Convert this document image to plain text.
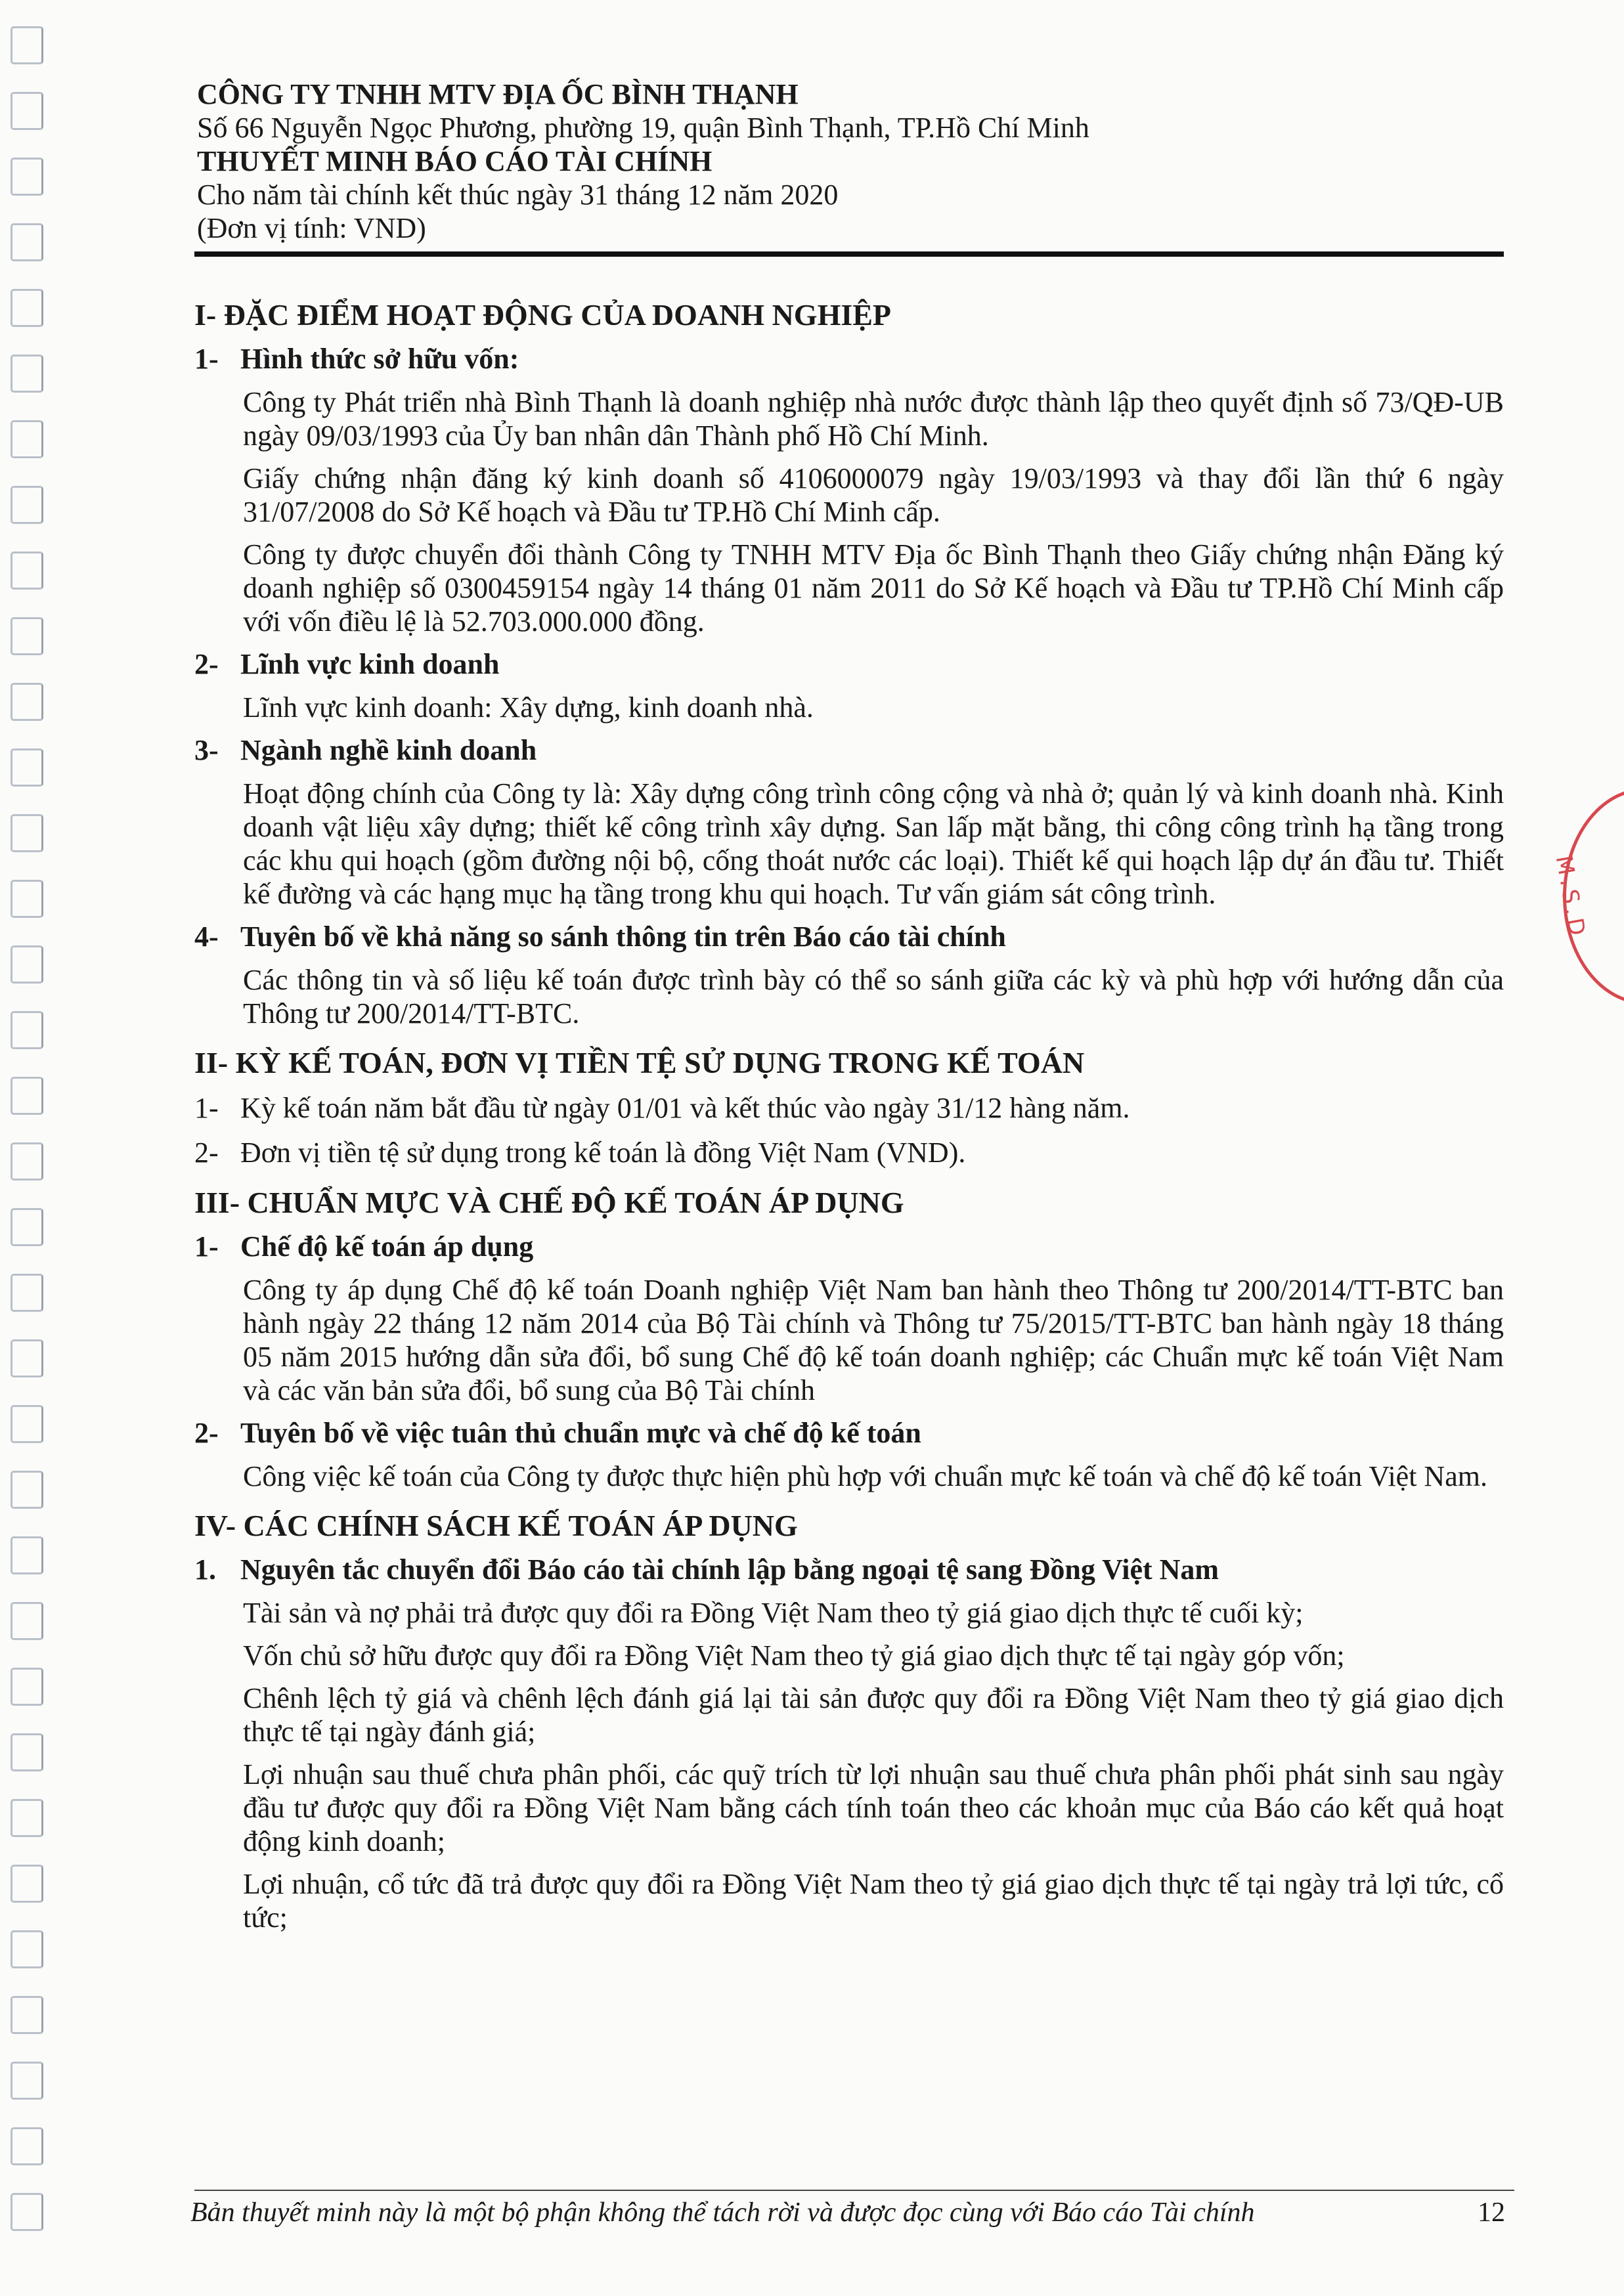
M.S.D
CÔNG TY TNHH MTV ĐỊA ỐC BÌNH THẠNH
Số 66 Nguyễn Ngọc Phương, phường 19, quận Bình Thạnh, TP.Hồ Chí Minh
THUYẾT MINH BÁO CÁO TÀI CHÍNH
Cho năm tài chính kết thúc ngày 31 tháng 12 năm 2020
(Đơn vị tính: VND)
I- ĐẶC ĐIỂM HOẠT ĐỘNG CỦA DOANH NGHIỆP
1- Hình thức sở hữu vốn:
Công ty Phát triển nhà Bình Thạnh là doanh nghiệp nhà nước được thành lập theo quyết định số 73/QĐ-UB ngày 09/03/1993 của Ủy ban nhân dân Thành phố Hồ Chí Minh.
Giấy chứng nhận đăng ký kinh doanh số 4106000079 ngày 19/03/1993 và thay đổi lần thứ 6 ngày 31/07/2008 do Sở Kế hoạch và Đầu tư TP.Hồ Chí Minh cấp.
Công ty được chuyển đổi thành Công ty TNHH MTV Địa ốc Bình Thạnh theo Giấy chứng nhận Đăng ký doanh nghiệp số 0300459154 ngày 14 tháng 01 năm 2011 do Sở Kế hoạch và Đầu tư TP.Hồ Chí Minh cấp với vốn điều lệ là 52.703.000.000 đồng.
2- Lĩnh vực kinh doanh
Lĩnh vực kinh doanh: Xây dựng, kinh doanh nhà.
3- Ngành nghề kinh doanh
Hoạt động chính của Công ty là: Xây dựng công trình công cộng và nhà ở; quản lý và kinh doanh nhà. Kinh doanh vật liệu xây dựng; thiết kế công trình xây dựng. San lấp mặt bằng, thi công công trình hạ tầng trong các khu qui hoạch (gồm đường nội bộ, cống thoát nước các loại). Thiết kế qui hoạch lập dự án đầu tư. Thiết kế đường và các hạng mục hạ tầng trong khu qui hoạch. Tư vấn giám sát công trình.
4- Tuyên bố về khả năng so sánh thông tin trên Báo cáo tài chính
Các thông tin và số liệu kế toán được trình bày có thể so sánh giữa các kỳ và phù hợp với hướng dẫn của Thông tư 200/2014/TT-BTC.
II- KỲ KẾ TOÁN, ĐƠN VỊ TIỀN TỆ SỬ DỤNG TRONG KẾ TOÁN
1- Kỳ kế toán năm bắt đầu từ ngày 01/01 và kết thúc vào ngày 31/12 hàng năm.
2- Đơn vị tiền tệ sử dụng trong kế toán là đồng Việt Nam (VND).
III- CHUẨN MỰC VÀ CHẾ ĐỘ KẾ TOÁN ÁP DỤNG
1- Chế độ kế toán áp dụng
Công ty áp dụng Chế độ kế toán Doanh nghiệp Việt Nam ban hành theo Thông tư 200/2014/TT-BTC ban hành ngày 22 tháng 12 năm 2014 của Bộ Tài chính và Thông tư 75/2015/TT-BTC ban hành ngày 18 tháng 05 năm 2015 hướng dẫn sửa đổi, bổ sung Chế độ kế toán doanh nghiệp; các Chuẩn mực kế toán Việt Nam và các văn bản sửa đổi, bổ sung của Bộ Tài chính
2- Tuyên bố về việc tuân thủ chuẩn mực và chế độ kế toán
Công việc kế toán của Công ty được thực hiện phù hợp với chuẩn mực kế toán và chế độ kế toán Việt Nam.
IV- CÁC CHÍNH SÁCH KẾ TOÁN ÁP DỤNG
1. Nguyên tắc chuyển đổi Báo cáo tài chính lập bằng ngoại tệ sang Đồng Việt Nam
Tài sản và nợ phải trả được quy đổi ra Đồng Việt Nam theo tỷ giá giao dịch thực tế cuối kỳ;
Vốn chủ sở hữu được quy đổi ra Đồng Việt Nam theo tỷ giá giao dịch thực tế tại ngày góp vốn;
Chênh lệch tỷ giá và chênh lệch đánh giá lại tài sản được quy đổi ra Đồng Việt Nam theo tỷ giá giao dịch thực tế tại ngày đánh giá;
Lợi nhuận sau thuế chưa phân phối, các quỹ trích từ lợi nhuận sau thuế chưa phân phối phát sinh sau ngày đầu tư được quy đổi ra Đồng Việt Nam bằng cách tính toán theo các khoản mục của Báo cáo kết quả hoạt động kinh doanh;
Lợi nhuận, cổ tức đã trả được quy đổi ra Đồng Việt Nam theo tỷ giá giao dịch thực tế tại ngày trả lợi tức, cổ tức;
Bản thuyết minh này là một bộ phận không thể tách rời và được đọc cùng với Báo cáo Tài chính	12
